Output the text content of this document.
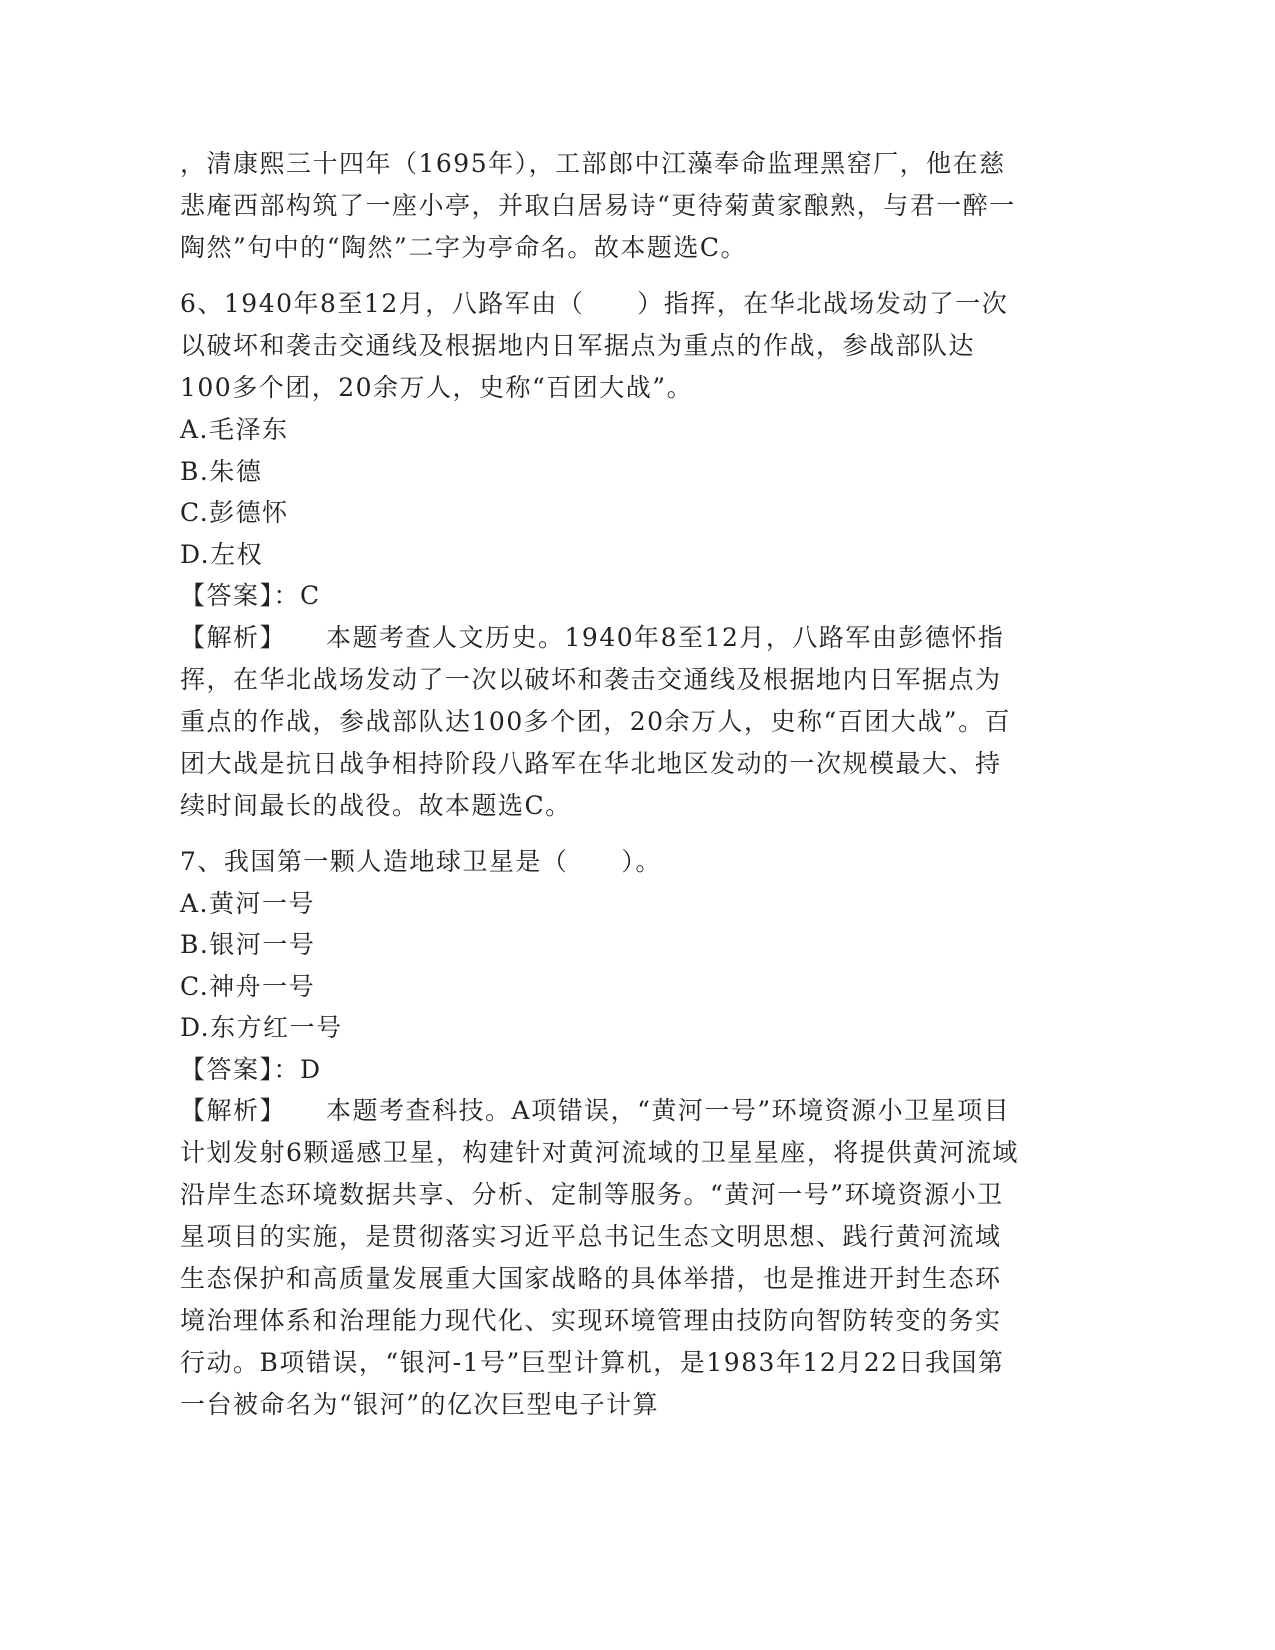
，清康熙三十四年（1695年），工部郎中江藻奉命监理黑窑厂，他在慈悲庵西部构筑了一座小亭，并取白居易诗“更待菊黄家酿熟，与君一醉一陶然”句中的“陶然”二字为亭命名。故本题选C。

6、1940年8至12月，八路军由（　　）指挥，在华北战场发动了一次以破坏和袭击交通线及根据地内日军据点为重点的作战，参战部队达100多个团，20余万人，史称“百团大战”。

A.毛泽东

B.朱德

C.彭德怀

D.左权

【答案】：C

【解析】 本题考查人文历史。1940年8至12月，八路军由彭德怀指挥，在华北战场发动了一次以破坏和袭击交通线及根据地内日军据点为重点的作战，参战部队达100多个团，20余万人，史称“百团大战”。百团大战是抗日战争相持阶段八路军在华北地区发动的一次规模最大、持续时间最长的战役。故本题选C。

7、我国第一颗人造地球卫星是（　　）。

A.黄河一号

B.银河一号

C.神舟一号

D.东方红一号

【答案】：D

【解析】 本题考查科技。A项错误，“黄河一号”环境资源小卫星项目计划发射6颗遥感卫星，构建针对黄河流域的卫星星座，将提供黄河流域沿岸生态环境数据共享、分析、定制等服务。“黄河一号”环境资源小卫星项目的实施，是贯彻落实习近平总书记生态文明思想、践行黄河流域生态保护和高质量发展重大国家战略的具体举措，也是推进开封生态环境治理体系和治理能力现代化、实现环境管理由技防向智防转变的务实行动。B项错误，“银河-1号”巨型计算机，是1983年12月22日我国第一台被命名为“银河”的亿次巨型电子计算
